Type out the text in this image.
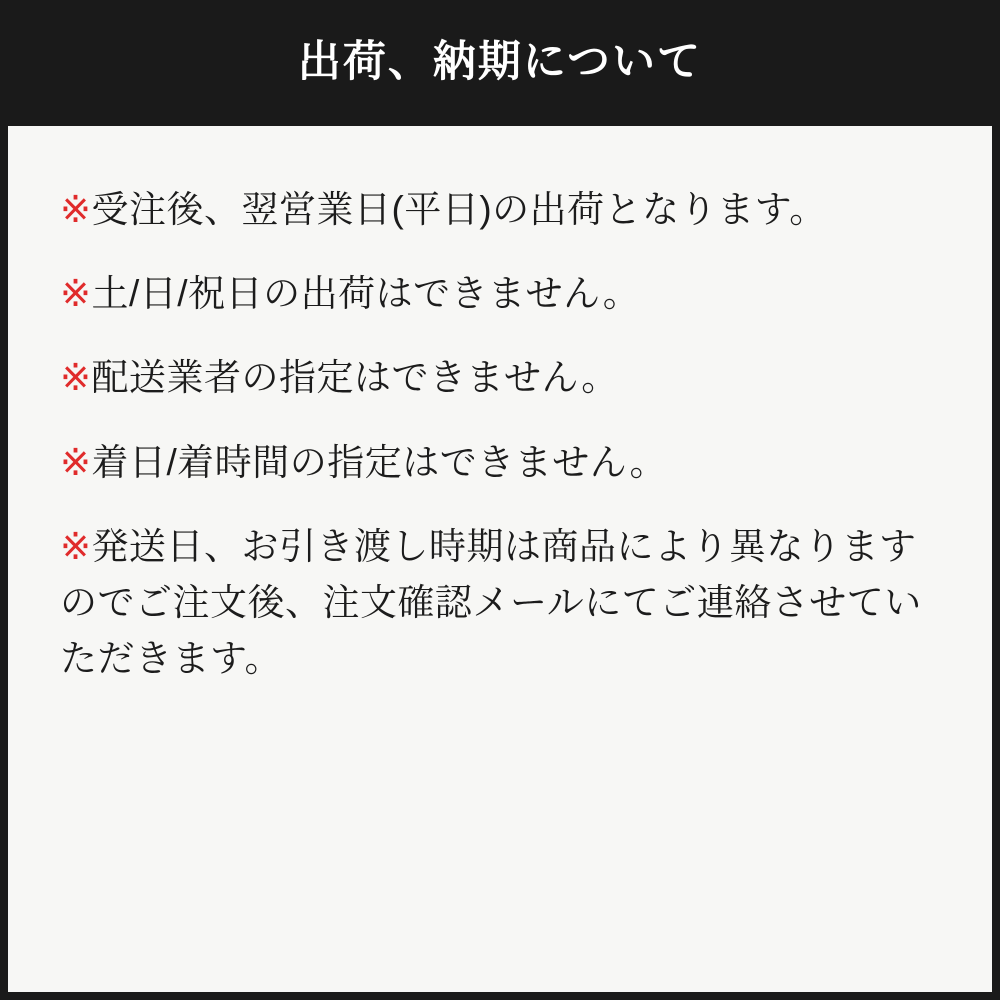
出荷、納期について
※受注後、翌営業日(平日)の出荷となります。
※土/日/祝日の出荷はできません。
※配送業者の指定はできません。
※着日/着時間の指定はできません。
※発送日、お引き渡し時期は商品により異なりますのでご注文後、注文確認メールにてご連絡させていただきます。
